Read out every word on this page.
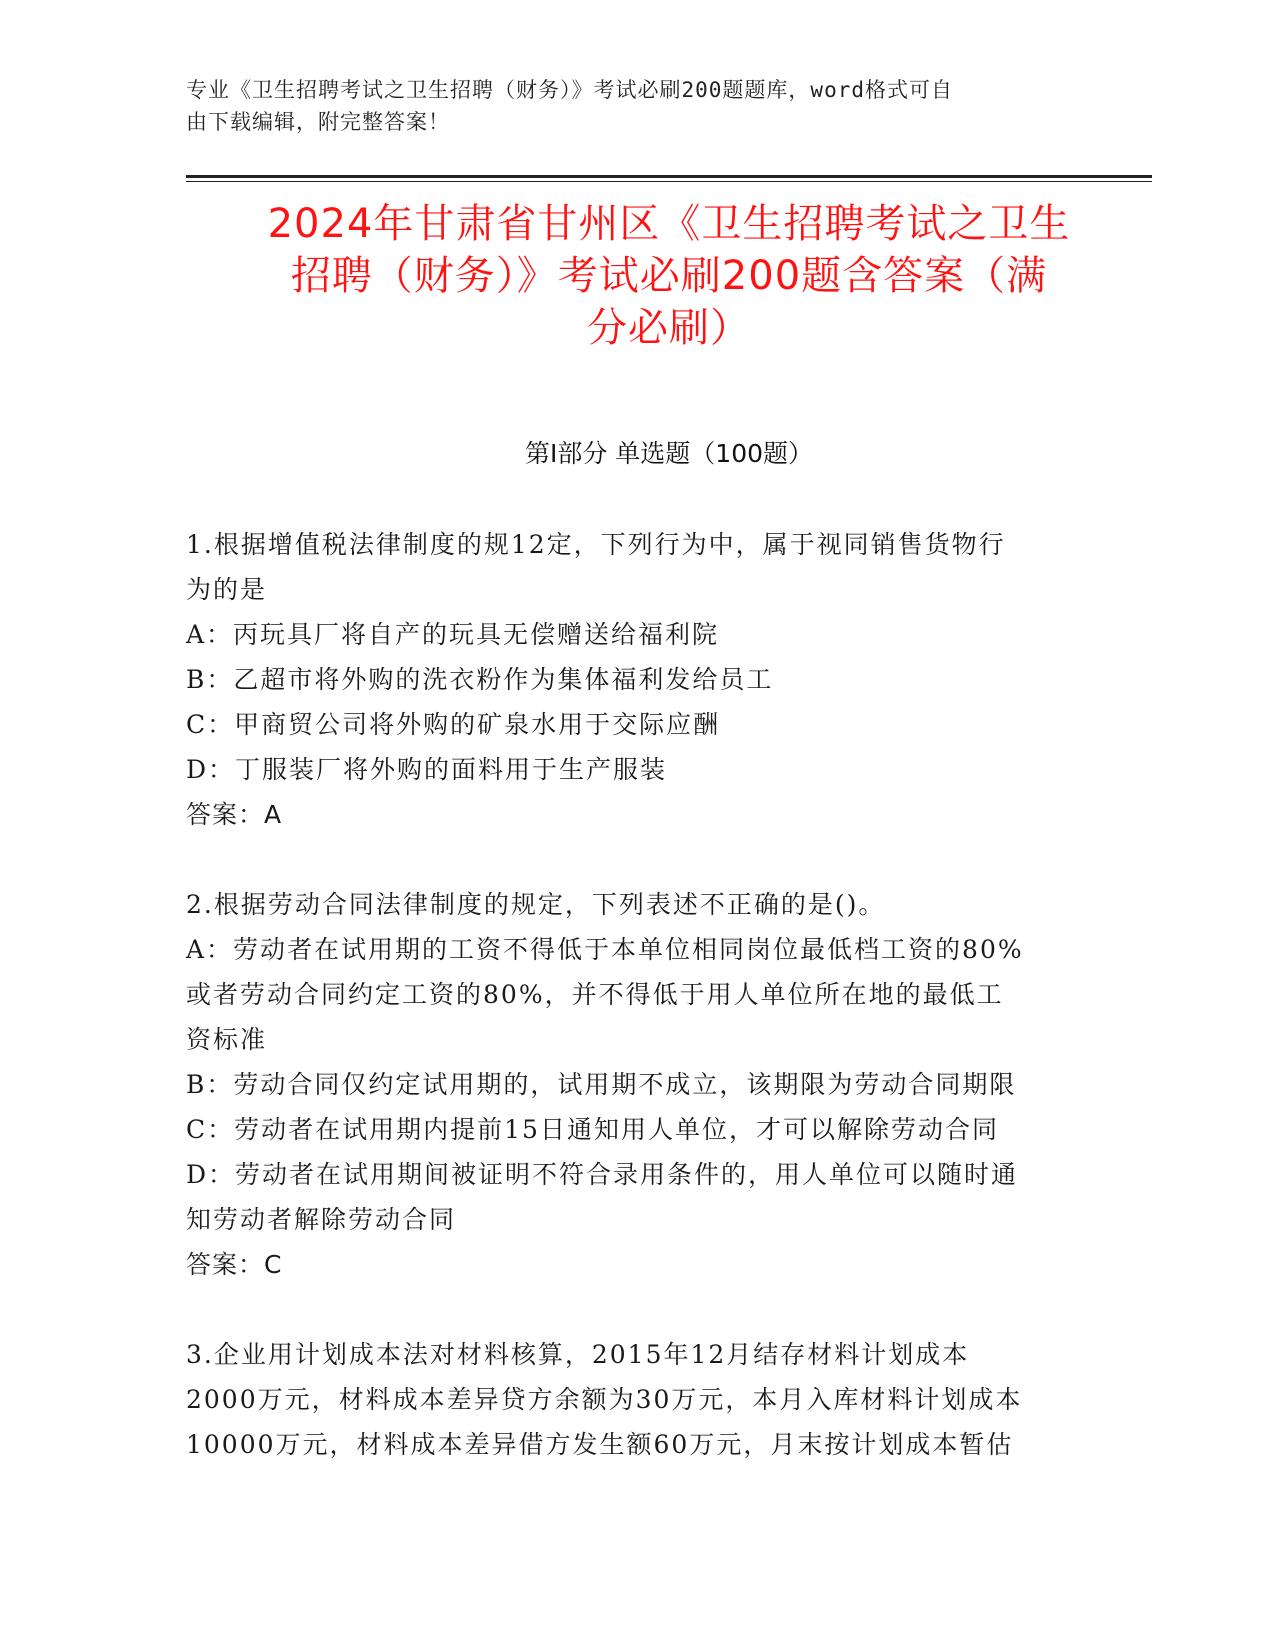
专业《卫生招聘考试之卫生招聘（财务）》考试必刷200题题库，word格式可自
由下载编辑，附完整答案！
2024年甘肃省甘州区《卫生招聘考试之卫生
招聘（财务）》考试必刷200题含答案（满
分必刷）
第Ⅰ部分 单选题（100题）
1.根据增值税法律制度的规12定，下列行为中，属于视同销售货物行
为的是
A：丙玩具厂将自产的玩具无偿赠送给福利院
B：乙超市将外购的洗衣粉作为集体福利发给员工
C：甲商贸公司将外购的矿泉水用于交际应酬
D：丁服装厂将外购的面料用于生产服装
答案：A
2.根据劳动合同法律制度的规定，下列表述不正确的是()。
A：劳动者在试用期的工资不得低于本单位相同岗位最低档工资的80%
或者劳动合同约定工资的80%，并不得低于用人单位所在地的最低工
资标准
B：劳动合同仅约定试用期的，试用期不成立，该期限为劳动合同期限
C：劳动者在试用期内提前15日通知用人单位，才可以解除劳动合同
D：劳动者在试用期间被证明不符合录用条件的，用人单位可以随时通
知劳动者解除劳动合同
答案：C
3.企业用计划成本法对材料核算，2015年12月结存材料计划成本
2000万元，材料成本差异贷方余额为30万元，本月入库材料计划成本
10000万元，材料成本差异借方发生额60万元，月末按计划成本暂估
